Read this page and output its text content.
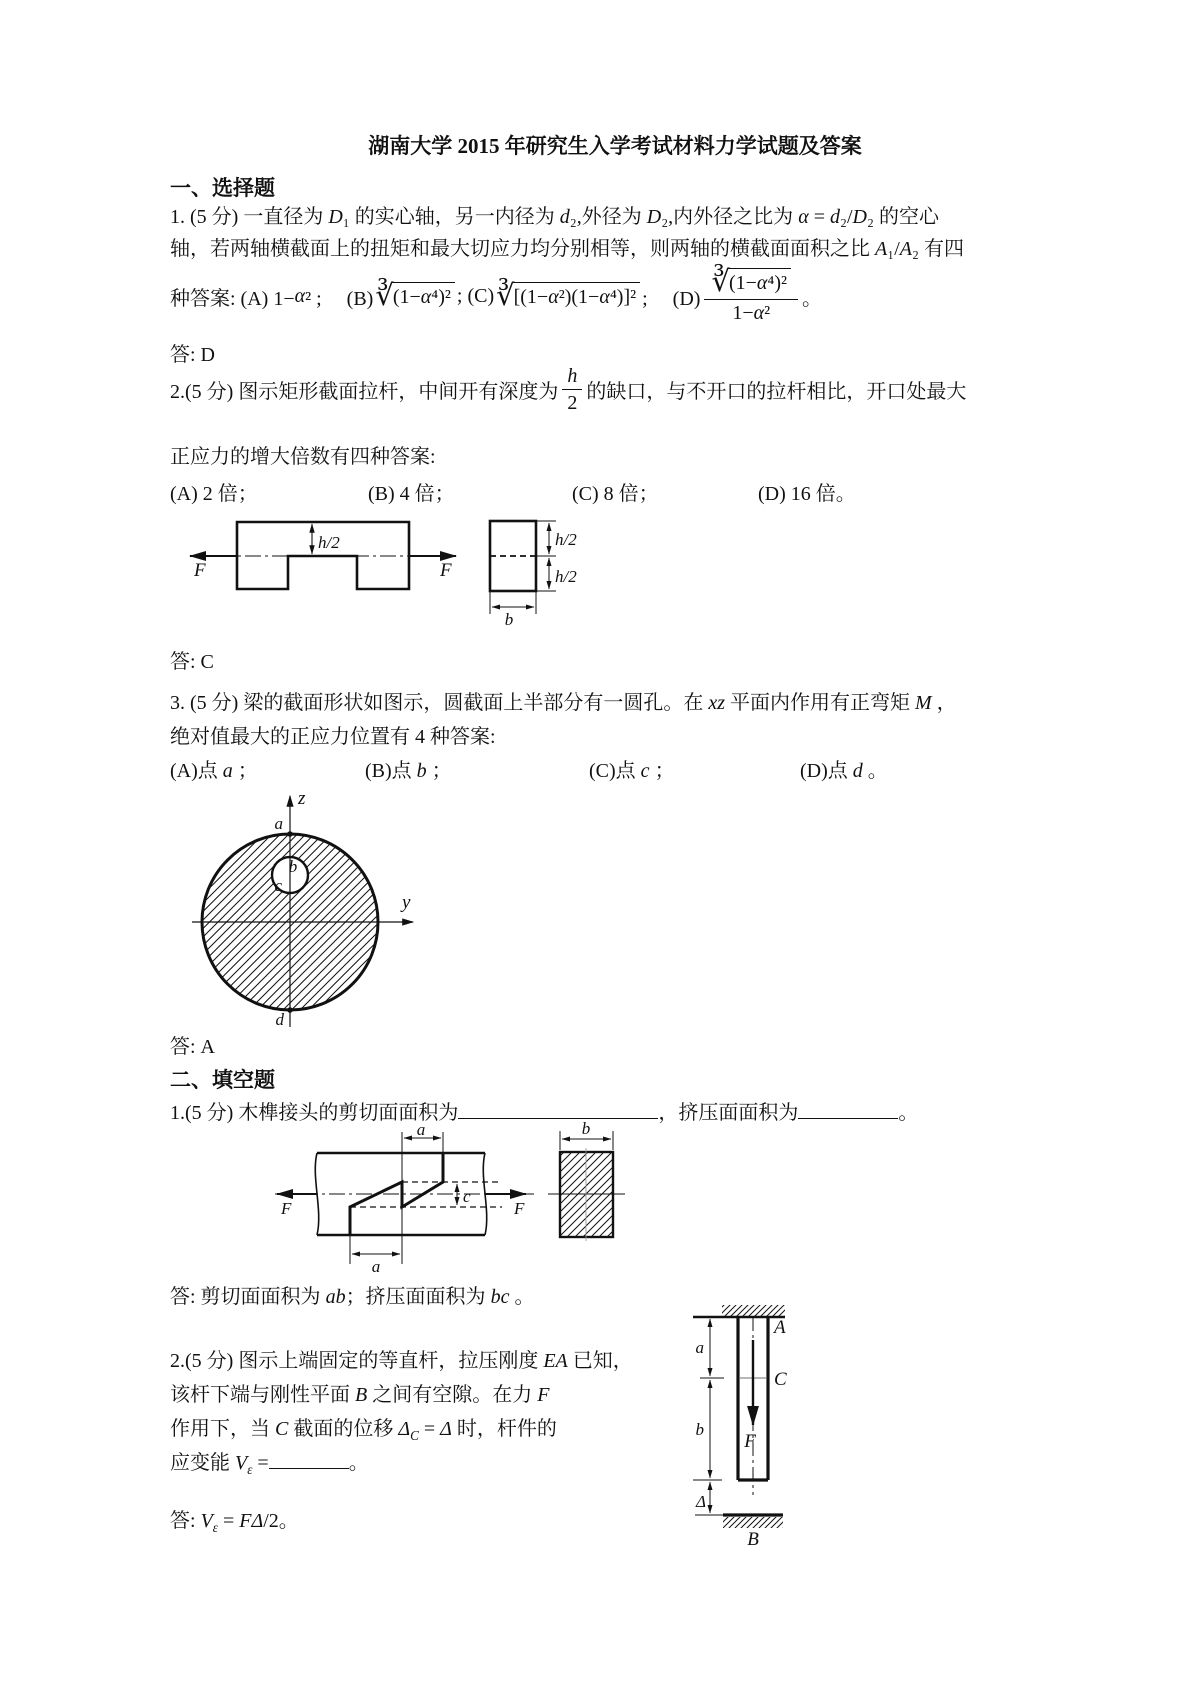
湖南大学 2015 年研究生入学考试材料力学试题及答案
一、选择题
1. (5 分) 一直径为 D₁ 的实心轴，另一内径为 d₂,外径为 D₂,内外径之比为 α = d₂/D₂ 的空心
轴，若两轴横截面上的扭矩和最大切应力均分别相等，则两轴的横截面面积之比 A₁/A₂ 有四
种答案: (A) 1− α ² ;　 (B) ∛(1−α⁴)² ; (C) ∛[(1−α²)(1−α⁴)]² ;　 $(D) \frac{\text{∛(1−α⁴)²}}{\text{1−α²}}$ 。
答: D
2.(5 分) 图示矩形截面拉杆，中间开有深度为 $\frac{h}{2}$ 的缺口，与不开口的拉杆相比，开口处最大
正应力的增大倍数有四种答案:
(A) 2 倍；	(B) 4 倍；	(C) 8 倍；	(D) 16 倍。
F	F
h/2	h/2
h/2
b
答: C
3. (5 分) 梁的截面形状如图示，圆截面上半部分有一圆孔。在 xz 平面内作用有正弯矩 M ，
绝对值最大的正应力位置有 4 种答案:
(A)点 a ；	(B)点 b ；	(C)点 c ；	(D)点 d 。
z
y
a
b
c
d
答: A
二、填空题
1.(5 分) 木榫接头的剪切面面积为	，挤压面面积为	。
c
a
a
F	F
b
答: 剪切面面积为 ab；挤压面面积为 bc 。
2.(5 分) 图示上端固定的等直杆，拉压刚度 EA 已知，
该杆下端与刚性平面 B 之间有空隙。在力 F
作用下，当 C 截面的位移 $\Delta_C = \Delta$ 时，杆件的
应变能 $V_\varepsilon$ =	。
A
C
a
b
F
Δ
B
答: $V_\varepsilon = F\Delta/2$。
